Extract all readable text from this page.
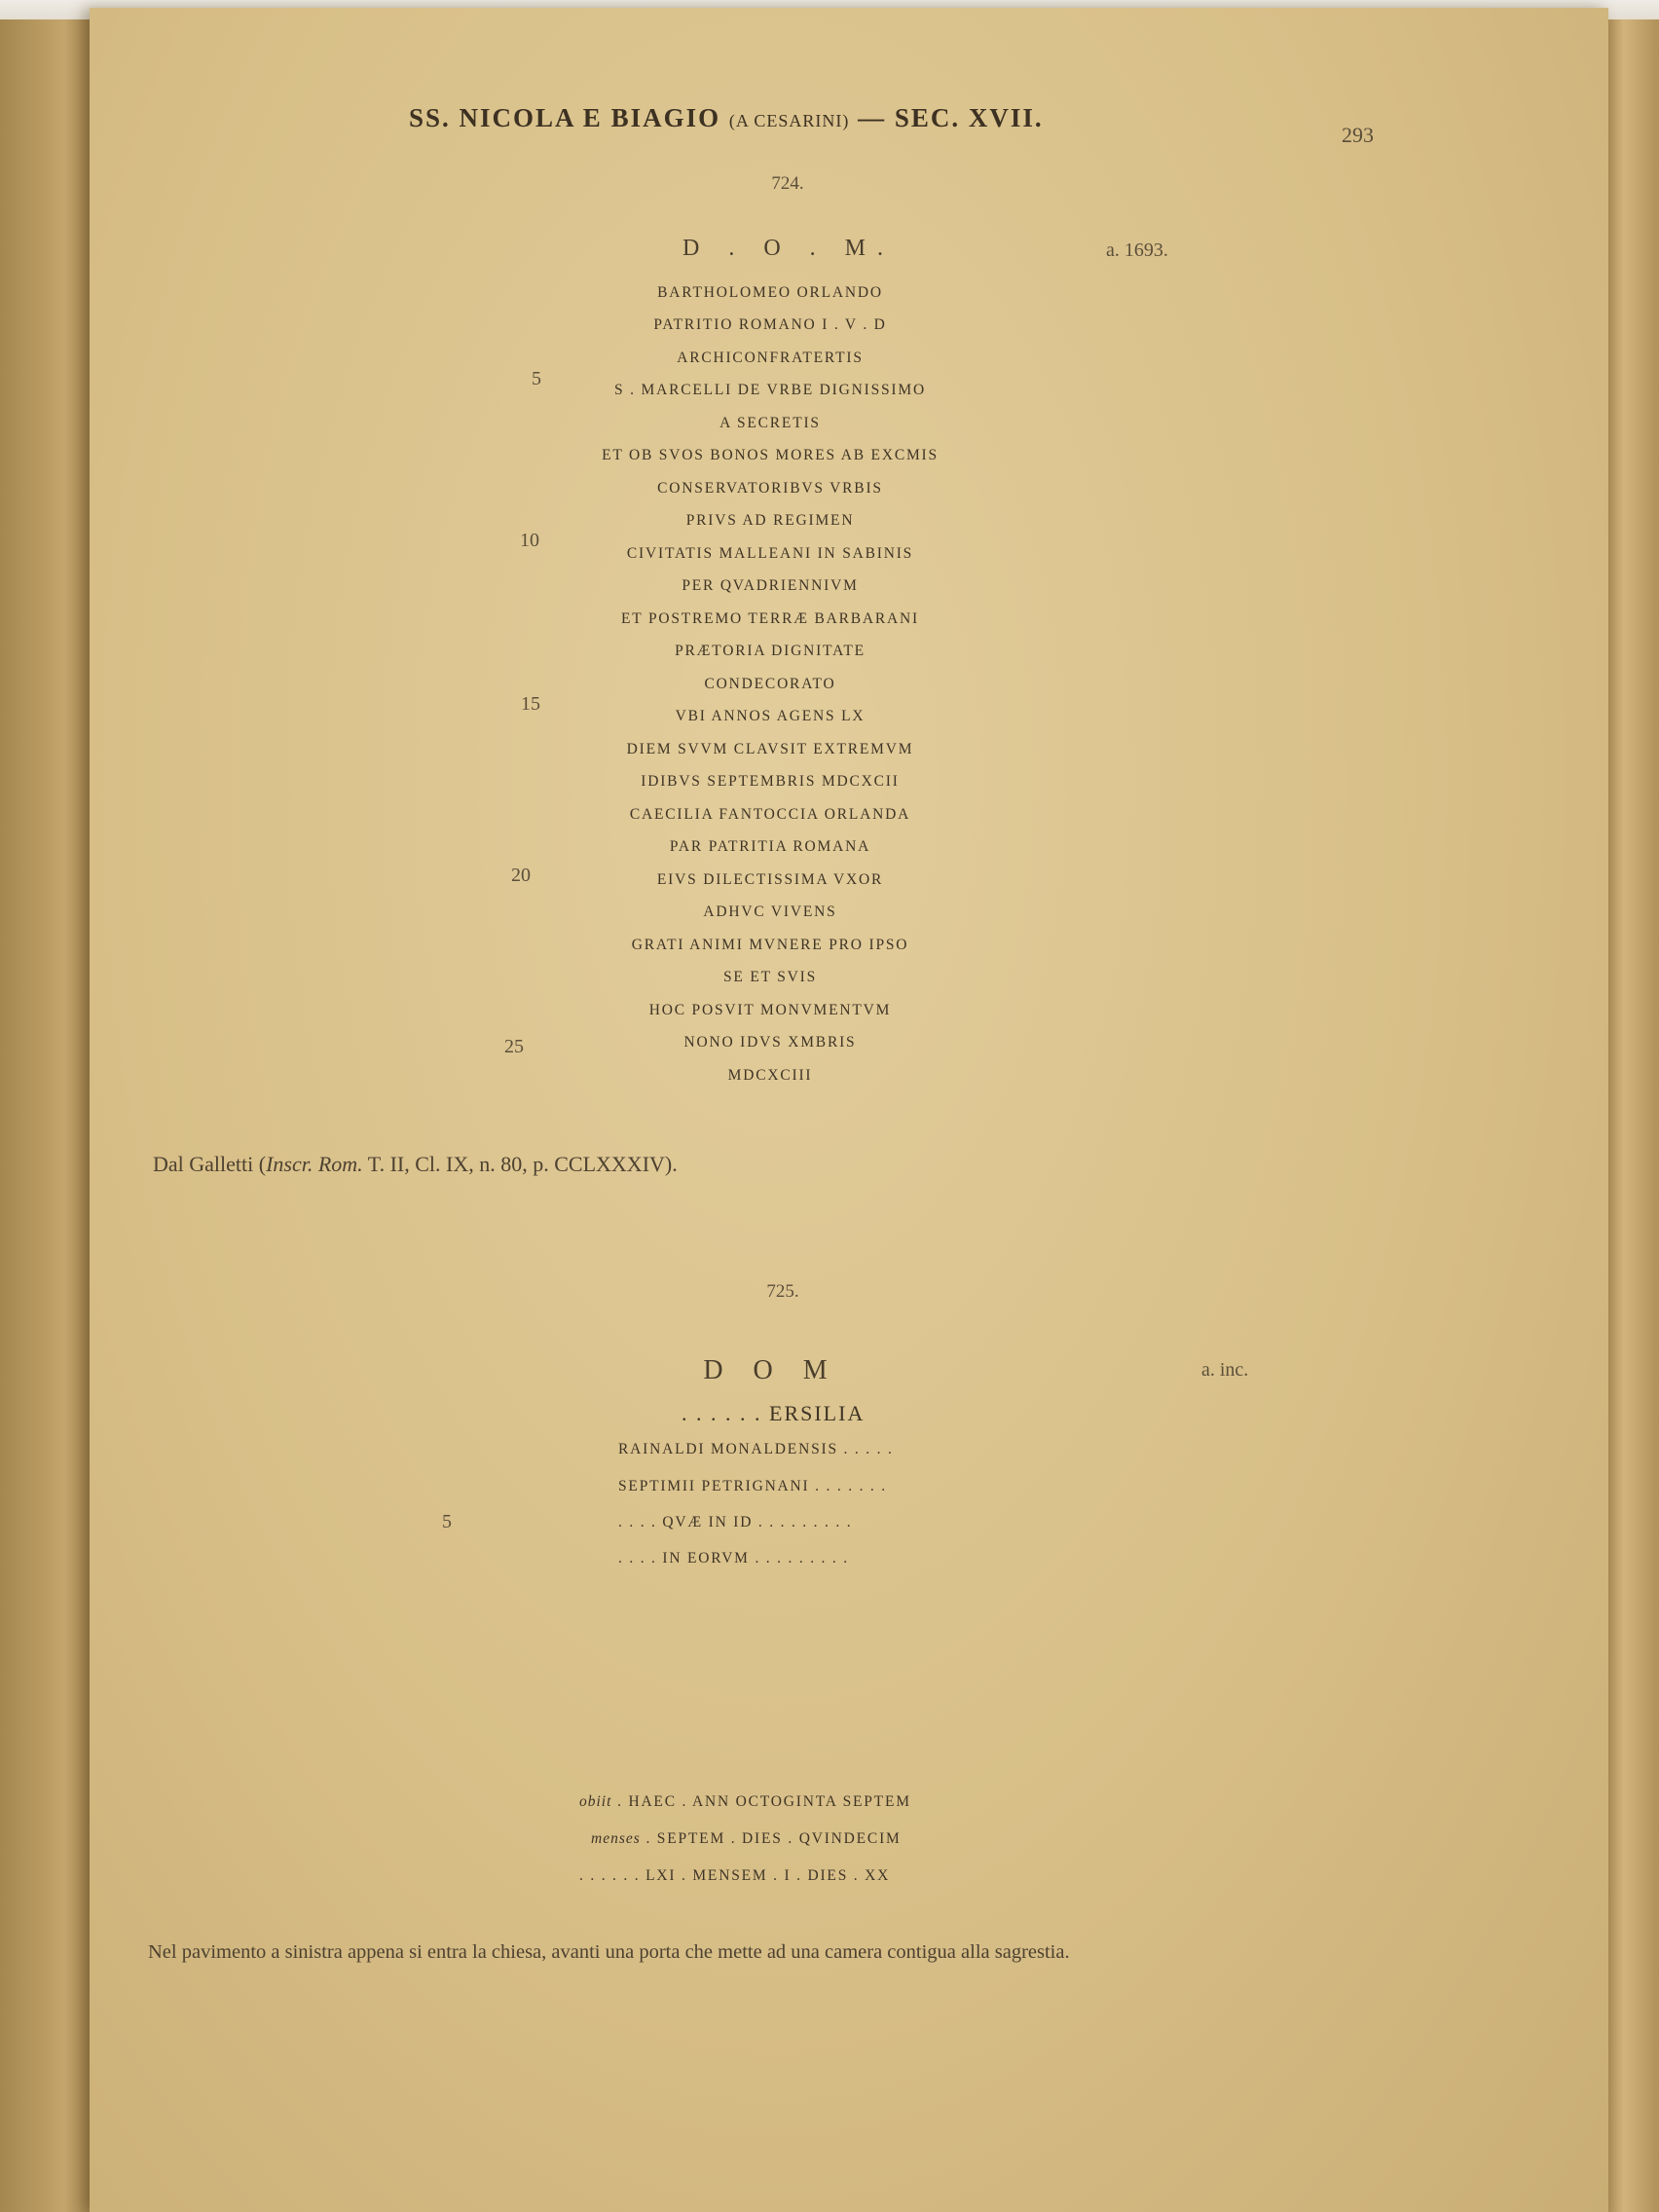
SS. NICOLA E BIAGIO (A CESARINI) — SEC. XVII.
293
724.
D . O . M.	a. 1693.
BARTHOLOMEO ORLANDO
PATRITIO ROMANO I . V . D
ARCHICONFRATERTIS
S . MARCELLI DE VRBE DIGNISSIMO
A SECRETIS
ET OB SVOS BONOS MORES AB EXCMIS
CONSERVATORIBVS VRBIS
PRIVS AD REGIMEN
CIVITATIS MALLEANI IN SABINIS
PER QVADRIENNIVM
ET POSTREMO TERRÆ BARBARANI
PRÆTORIA DIGNITATE
CONDECORATO
VBI ANNOS AGENS LX
DIEM SVVM CLAVSIT EXTREMVM
IDIBVS SEPTEMBRIS MDCXCII
CAECILIA FANTOCCIA ORLANDA
PAR PATRITIA ROMANA
EIVS DILECTISSIMA VXOR
ADHVC VIVENS
GRATI ANIMI MVNERE PRO IPSO
SE ET SVIS
HOC POSVIT MONVMENTVM
NONO IDVS XMBRIS
MDCXCIII
5
10
15
20
25
Dal Galletti (Inscr. Rom. T. II, Cl. IX, n. 80, p. CCLXXXIV).
725.
D O M	a. inc.
. . . . . . ERSILIA
RAINALDI MONALDENSIS . . . . .
SEPTIMII PETRIGNANI . . . . . . .
. . . . QVÆ IN ID . . . . . . . . .
. . . . IN EORVM . . . . . . . . .
5
obiit . HAEC . ANN OCTOGINTA SEPTEM
menses . SEPTEM . DIES . QVINDECIM
. . . . . . LXI . MENSEM . I . DIES . XX
Nel pavimento a sinistra appena si entra la chiesa, avanti una porta che mette ad una camera contigua alla sagrestia.
